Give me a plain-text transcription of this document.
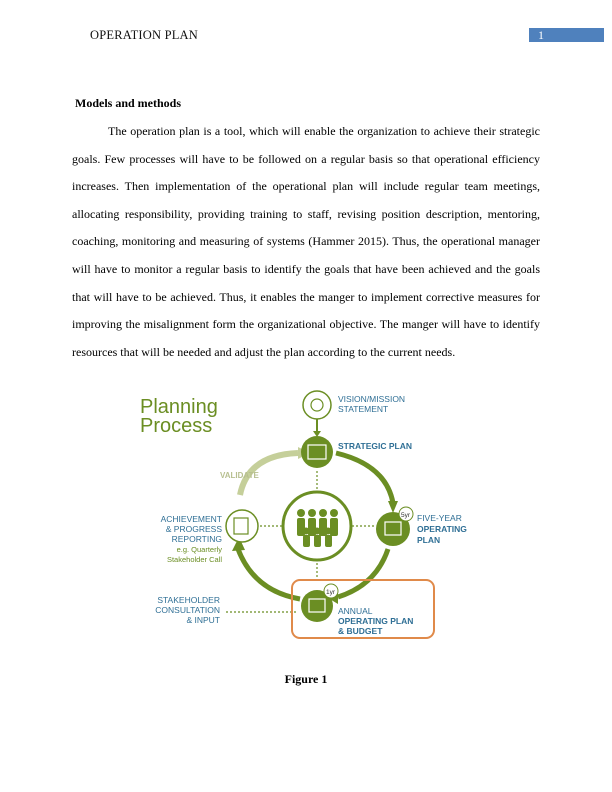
OPERATION PLAN	1
Models and methods

The operation plan is a tool, which will enable the organization to achieve their strategic goals. Few processes will have to be followed on a regular basis so that operational efficiency increases. Then implementation of the operational plan will include regular team meetings, allocating responsibility, providing training to staff, revising position description, mentoring, coaching, monitoring and measuring of systems (Hammer 2015). Thus, the operational manager will have to monitor a regular basis to identify the goals that have been achieved and the goals that will have to be achieved. Thus, it enables the manger to implement corrective measures for improving the misalignment form the organizational objective. The manger will have to identify resources that will be needed and adjust the plan according to the current needs.

Planning
Process
VALIDATE
VISION/MISSION
STATEMENT
STRATEGIC PLAN
5yr FIVE-YEAR
OPERATING
PLAN
ACHIEVEMENT
& PROGRESS
REPORTING
e.g. Quarterly
Stakeholder Call
STAKEHOLDER
CONSULTATION
& INPUT
1yr
ANNUAL
OPERATING PLAN
& BUDGET
Figure 1
